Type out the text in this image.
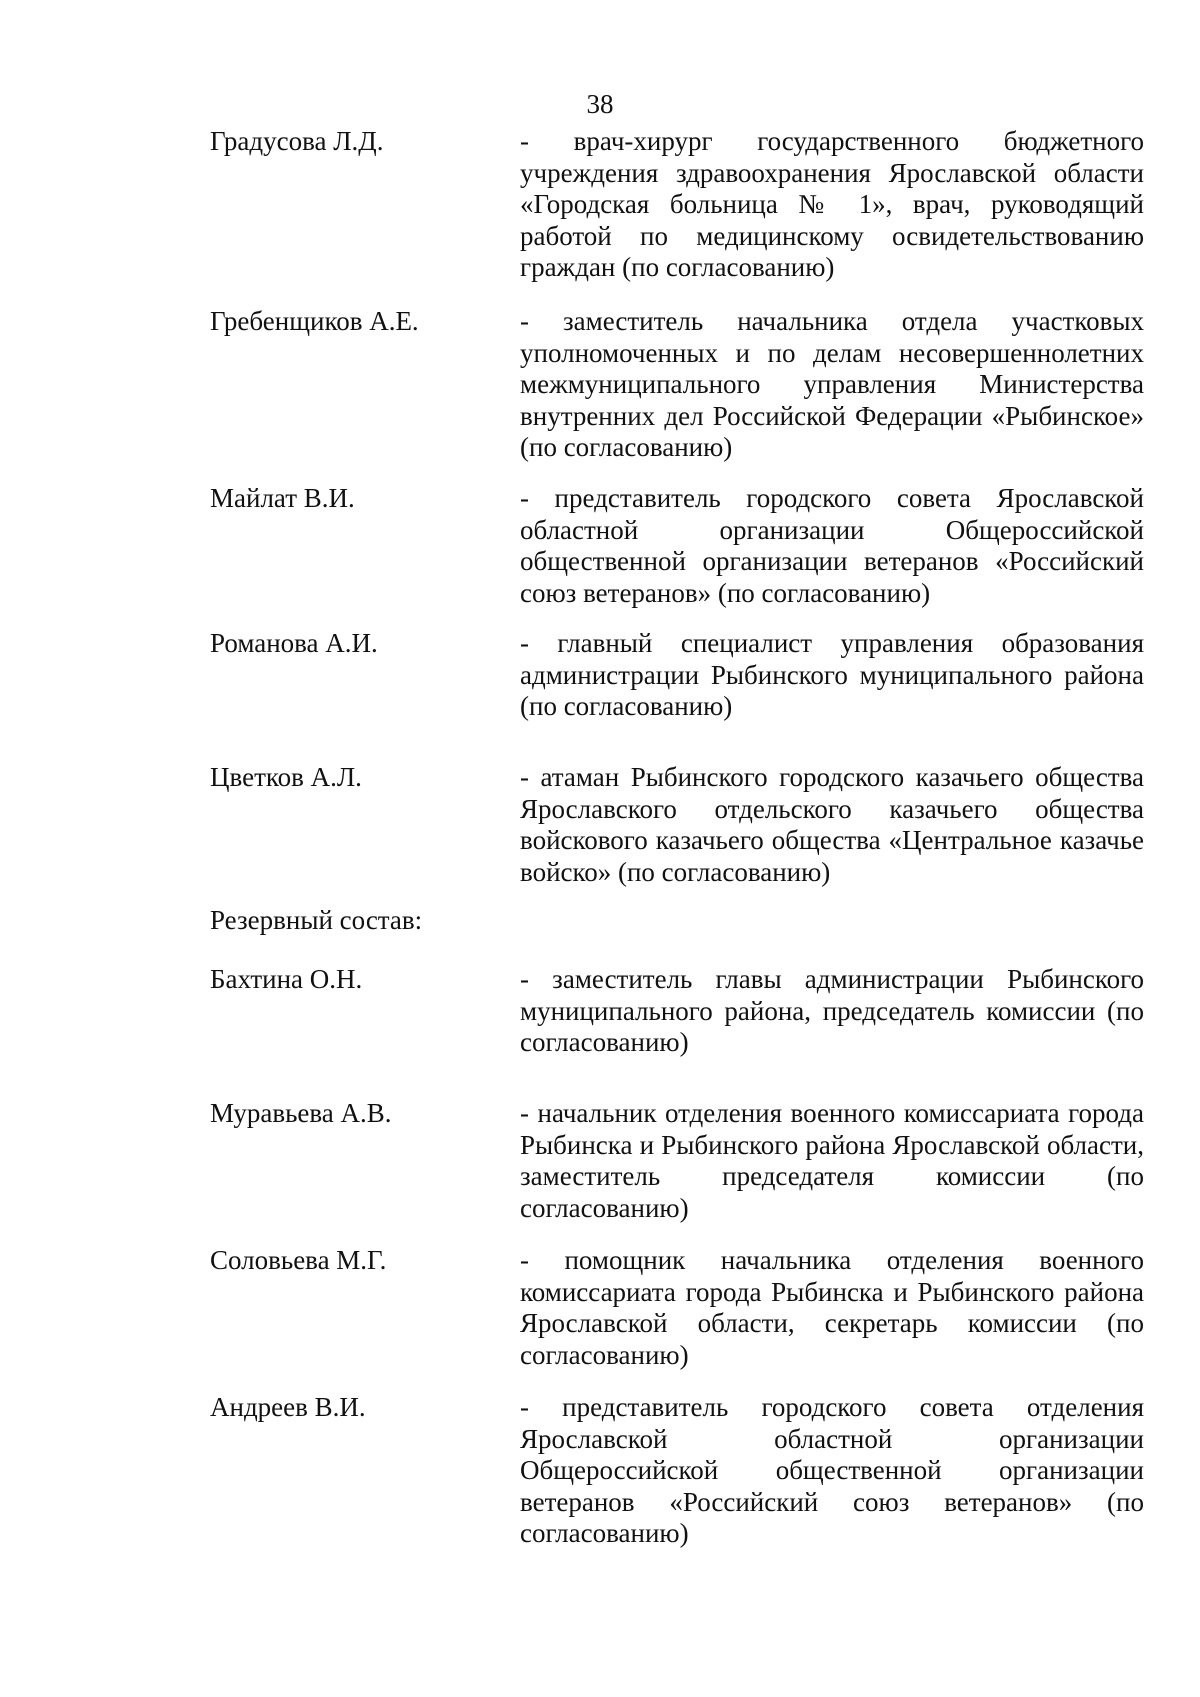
38
Градусова Л.Д.	- врач-хирург государственного бюджетного учреждения здравоохранения Ярославской области «Городская больница № 1», врач, руководящий работой по медицинскому освидетельствованию граждан (по согласованию)
Гребенщиков А.Е.	- заместитель начальника отдела участковых уполномоченных и по делам несовершеннолетних межмуниципального управления Министерства внутренних дел Российской Федерации «Рыбинское» (по согласованию)
Майлат В.И.	- представитель городского совета Ярославской областной организации Общероссийской общественной организации ветеранов «Российский союз ветеранов» (по согласованию)
Романова А.И.	- главный специалист управления образования администрации Рыбинского муниципального района (по согласованию)
Цветков А.Л.	- атаман Рыбинского городского казачьего общества Ярославского отдельского казачьего общества войскового казачьего общества «Центральное казачье войско» (по согласованию)
Резервный состав:
Бахтина О.Н.	- заместитель главы администрации Рыбинского муниципального района, председатель комиссии (по согласованию)
Муравьева А.В.	- начальник отделения военного комиссариата города Рыбинска и Рыбинского района Ярославской области, заместитель председателя комиссии (по согласованию)
Соловьева М.Г.	- помощник начальника отделения военного комиссариата города Рыбинска и Рыбинского района Ярославской области, секретарь комиссии (по согласованию)
Андреев В.И.	- представитель городского совета отделения Ярославской областной организации Общероссийской общественной организации ветеранов «Российский союз ветеранов» (по согласованию)
